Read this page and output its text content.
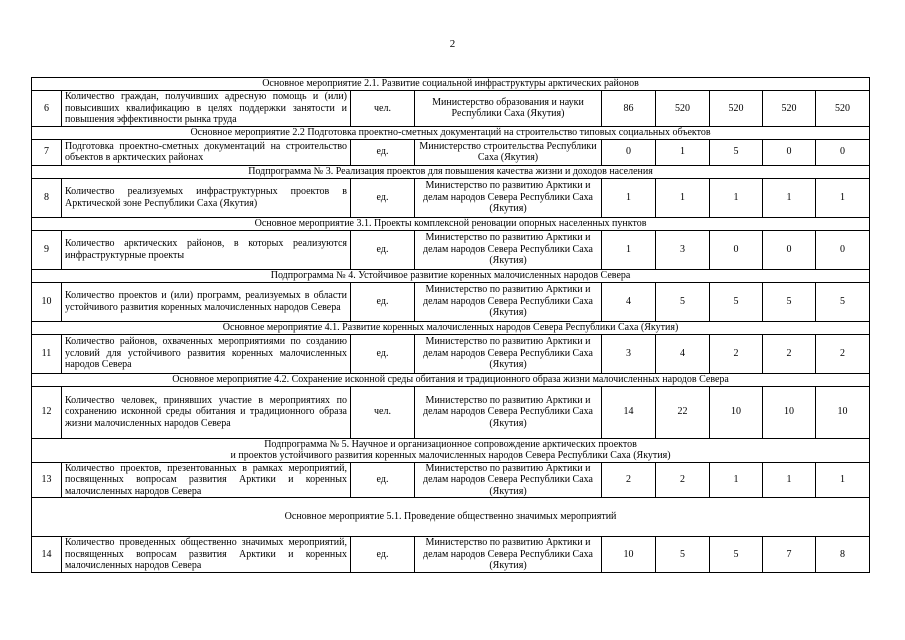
2
Основное мероприятие 2.1. Развитие социальной инфраструктуры арктических районов								
6	Количество граждан, получивших адресную помощь и (или) повысивших квалификацию в целях поддержки занятости и повышения эффективности рынка труда	чел.	Министерство образования и науки Республики Саха (Якутия)	86	520	520	520	520
Основное мероприятие 2.2 Подготовка проектно-сметных документаций на строительство типовых социальных объектов								
7	Подготовка проектно-сметных документаций на строительство объектов в арктических районах	ед.	Министерство строительства Республики Саха (Якутия)	0	1	5	0	0
Подпрограмма № 3. Реализация проектов для повышения качества жизни и доходов населения								
8	Количество реализуемых инфраструктурных проектов в Арктической зоне Республики Саха (Якутия)	ед.	Министерство по развитию Арктики и делам народов Севера Республики Саха (Якутия)	1	1	1	1	1
Основное мероприятие 3.1. Проекты комплексной реновации опорных населенных пунктов								
9	Количество арктических районов, в которых реализуются инфраструктурные проекты	ед.	Министерство по развитию Арктики и делам народов Севера Республики Саха (Якутия)	1	3	0	0	0
Подпрограмма № 4. Устойчивое развитие коренных малочисленных народов Севера								
10	Количество проектов и (или) программ, реализуемых в области устойчивого развития коренных малочисленных народов Севера	ед.	Министерство по развитию Арктики и делам народов Севера Республики Саха (Якутия)	4	5	5	5	5
Основное мероприятие 4.1. Развитие коренных малочисленных народов Севера Республики Саха (Якутия)								
11	Количество районов, охваченных мероприятиями по созданию условий для устойчивого развития коренных малочисленных народов Севера	ед.	Министерство по развитию Арктики и делам народов Севера Республики Саха (Якутия)	3	4	2	2	2
Основное мероприятие 4.2. Сохранение исконной среды обитания и традиционного образа жизни малочисленных народов Севера								
12	Количество человек, принявших участие в мероприятиях по сохранению исконной среды обитания и традиционного образа жизни малочисленных народов Севера	чел.	Министерство по развитию Арктики и делам народов Севера Республики Саха (Якутия)	14	22	10	10	10
Подпрограмма № 5. Научное и организационное сопровождение арктических проектов
и проектов устойчивого развития коренных малочисленных народов Севера Республики Саха (Якутия)								
13	Количество проектов, презентованных в рамках мероприятий, посвященных вопросам развития Арктики и коренных малочисленных народов Севера	ед.	Министерство по развитию Арктики и делам народов Севера Республики Саха (Якутия)	2	2	1	1	1
Основное мероприятие 5.1. Проведение общественно значимых мероприятий								
14	Количество проведенных общественно значимых мероприятий, посвященных вопросам развития Арктики и коренных малочисленных народов Севера	ед.	Министерство по развитию Арктики и делам народов Севера Республики Саха (Якутия)	10	5	5	7	8
